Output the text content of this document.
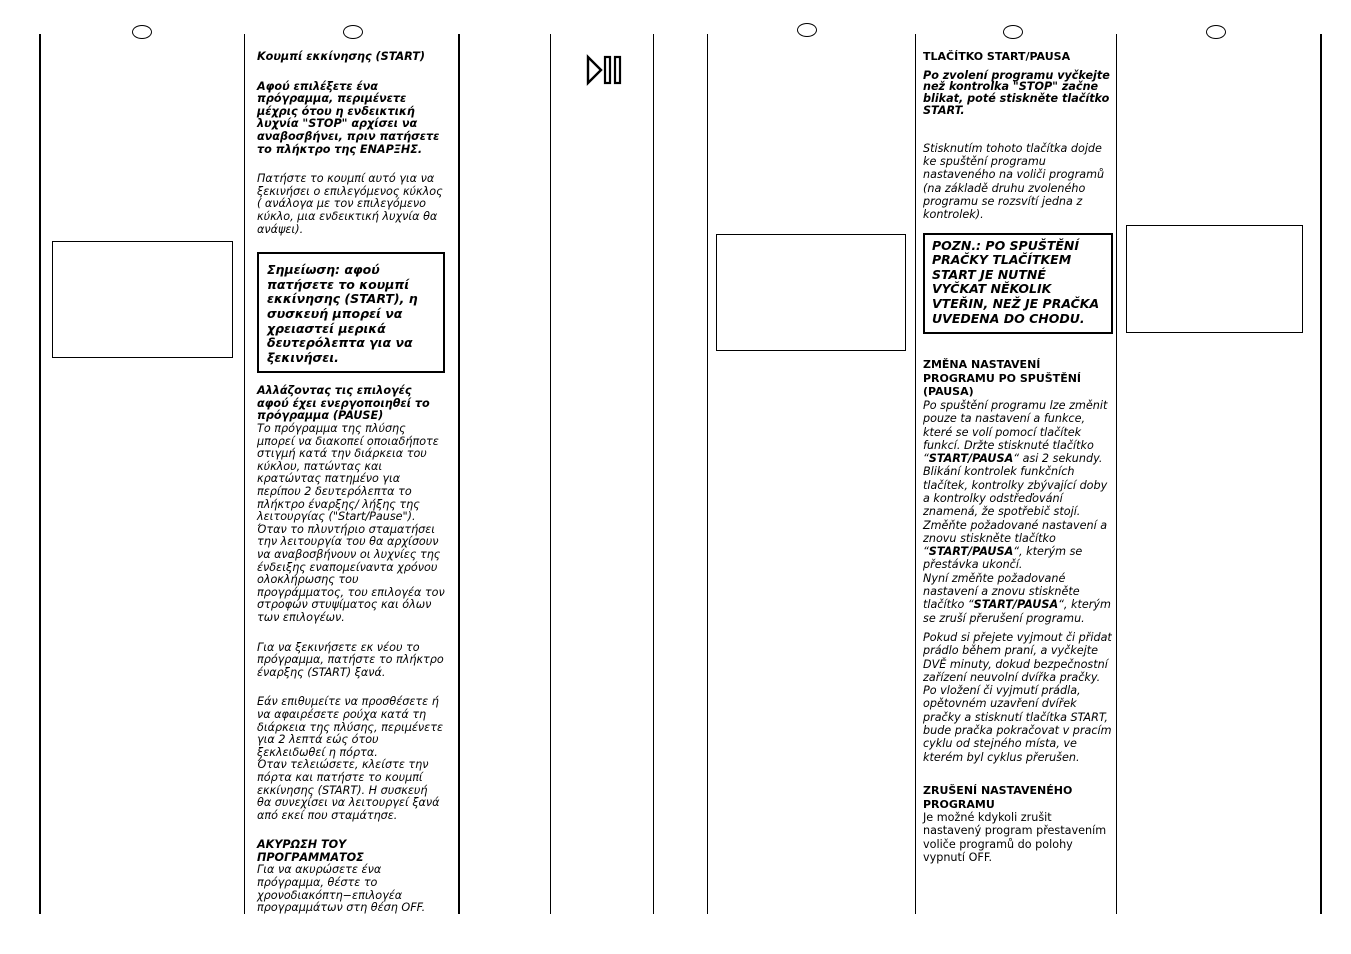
Κουμπί εκκίνησης (START)

Αφού επιλέξετε ένα πρόγραμμα, περιμένετε μέχρις ότου η ενδεικτική λυχνία "STOP" αρχίσει να αναβοσβήνει, πριν πατήσετε το πλήκτρο της ΕΝΑΡΞΗΣ.

Πατήστε το κουμπί αυτό για να ξεκινήσει ο επιλεγόμενος κύκλος ( ανάλογα με τον επιλεγόμενο κύκλο, μια ενδεικτική λυχνία θα ανάψει).

Σημείωση: αφού πατήσετε το κουμπί εκκίνησης (START), η συσκευή μπορεί να χρειαστεί μερικά δευτερόλεπτα για να ξεκινήσει.

Αλλάζοντας τις επιλογές αφού έχει ενεργοποιηθεί το πρόγραμμα (PAUSE)
Το πρόγραμμα της πλύσης μπορεί να διακοπεί οποιαδήποτε στιγμή κατά την διάρκεια του κύκλου, πατώντας και κρατώντας πατημένο για περίπου 2 δευτερόλεπτα το πλήκτρο έναρξης/ λήξης της λειτουργίας ("Start/Pause"). Όταν το πλυντήριο σταματήσει την λειτουργία του θα αρχίσουν να αναβοσβήνουν οι λυχνίες της ένδειξης εναπομείναντα χρόνου ολοκλήρωσης του προγράμματος, του επιλογέα τον στροφών στυψίματος και όλων των επιλογέων.

Για να ξεκινήσετε εκ νέου το πρόγραμμα, πατήστε το πλήκτρο έναρξης (START) ξανά.

Εάν επιθυμείτε να προσθέσετε ή να αφαιρέσετε ρούχα κατά τη διάρκεια της πλύσης, περιμένετε για 2 λεπτά εώς ότου ξεκλειδωθεί η πόρτα.
Όταν τελειώσετε, κλείστε την πόρτα και πατήστε το κουμπί εκκίνησης (START). Η συσκευή θα συνεχίσει να λειτουργεί ξανά από εκεί που σταμάτησε.

ΑΚΥΡΩΣΗ ΤΟΥ ΠΡΟΓΡΑΜΜΑΤΟΣ
Για να ακυρώσετε ένα πρόγραμμα, θέστε το χρονοδιακόπτη−επιλογέα προγραμμάτων στη θέση OFF.

TLAČÍTKO START/PAUSA

Po zvolení programu vyčkejte než kontrolka "STOP" začne blikat, poté stiskněte tlačítko START.

Stisknutím tohoto tlačítka dojde ke spuštění programu nastaveného na voliči programů (na základě druhu zvoleného programu se rozsvítí jedna z kontrolek).

POZN.: PO SPUŠTĚNÍ PRAČKY TLAČÍTKEM START JE NUTNÉ VYČKAT NĚKOLIK VTEŘIN, NEŽ JE PRAČKA UVEDENA DO CHODU.

ZMĚNA NASTAVENÍ PROGRAMU PO SPUŠTĚNÍ (PAUSA)
Po spuštění programu lze změnit pouze ta nastavení a funkce, které se volí pomocí tlačítek funkcí. Držte stisknuté tlačítko “START/PAUSA“ asi 2 sekundy. Blikání kontrolek funkčních tlačítek, kontrolky zbývající doby a kontrolky odstřeďování znamená, že spotřebič stojí. Změňte požadované nastavení a znovu stiskněte tlačítko “START/PAUSA“, kterým se přestávka ukončí.
Nyní změňte požadované nastavení a znovu stiskněte tlačítko “START/PAUSA“, kterým se zruší přerušení programu.

Pokud si přejete vyjmout či přidat prádlo během praní, a vyčkejte DVĚ minuty, dokud bezpečnostní zařízení neuvolní dvířka pračky.
Po vložení či vyjmutí prádla, opětovném uzavření dvířek pračky a stisknutí tlačítka START, bude pračka pokračovat v pracím cyklu od stejného místa, ve kterém byl cyklus přerušen.

ZRUŠENÍ NASTAVENÉHO PROGRAMU
Je možné kdykoli zrušit nastavený program přestavením voliče programů do polohy vypnutí OFF.
